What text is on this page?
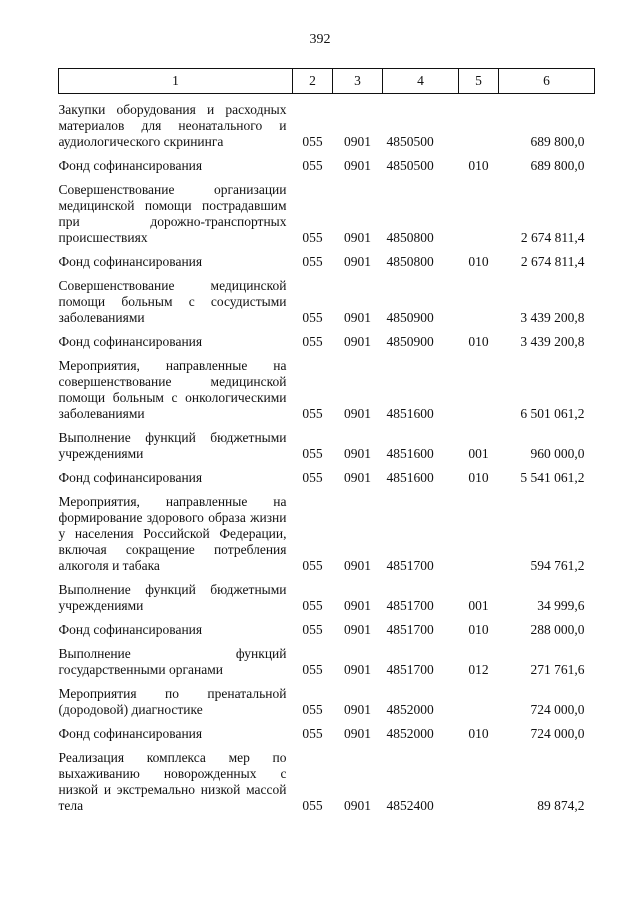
392
1	2	3	4	5	6

Закупки оборудования и расходных материалов для неонатального и аудиологического скрининга	055	0901	4850500		689 800,0

Фонд софинансирования	055	0901	4850500	010	689 800,0

Совершенствование организации медицинской помощи пострадавшим при дорожно-транспортных происшествиях	055	0901	4850800		2 674 811,4

Фонд софинансирования	055	0901	4850800	010	2 674 811,4

Совершенствование медицинской помощи больным с сосудистыми заболеваниями	055	0901	4850900		3 439 200,8

Фонд софинансирования	055	0901	4850900	010	3 439 200,8

Мероприятия, направленные на совершенствование медицинской помощи больным с онкологическими заболеваниями	055	0901	4851600		6 501 061,2

Выполнение функций бюджетными учреждениями	055	0901	4851600	001	960 000,0

Фонд софинансирования	055	0901	4851600	010	5 541 061,2

Мероприятия, направленные на формирование здорового образа жизни у населения Российской Федерации, включая сокращение потребления алкоголя и табака	055	0901	4851700		594 761,2

Выполнение функций бюджетными учреждениями	055	0901	4851700	001	34 999,6

Фонд софинансирования	055	0901	4851700	010	288 000,0

Выполнение функций государственными органами	055	0901	4851700	012	271 761,6

Мероприятия по пренатальной (дородовой) диагностике	055	0901	4852000		724 000,0

Фонд софинансирования	055	0901	4852000	010	724 000,0

Реализация комплекса мер по выхаживанию новорожденных с низкой и экстремально низкой массой тела	055	0901	4852400		89 874,2
